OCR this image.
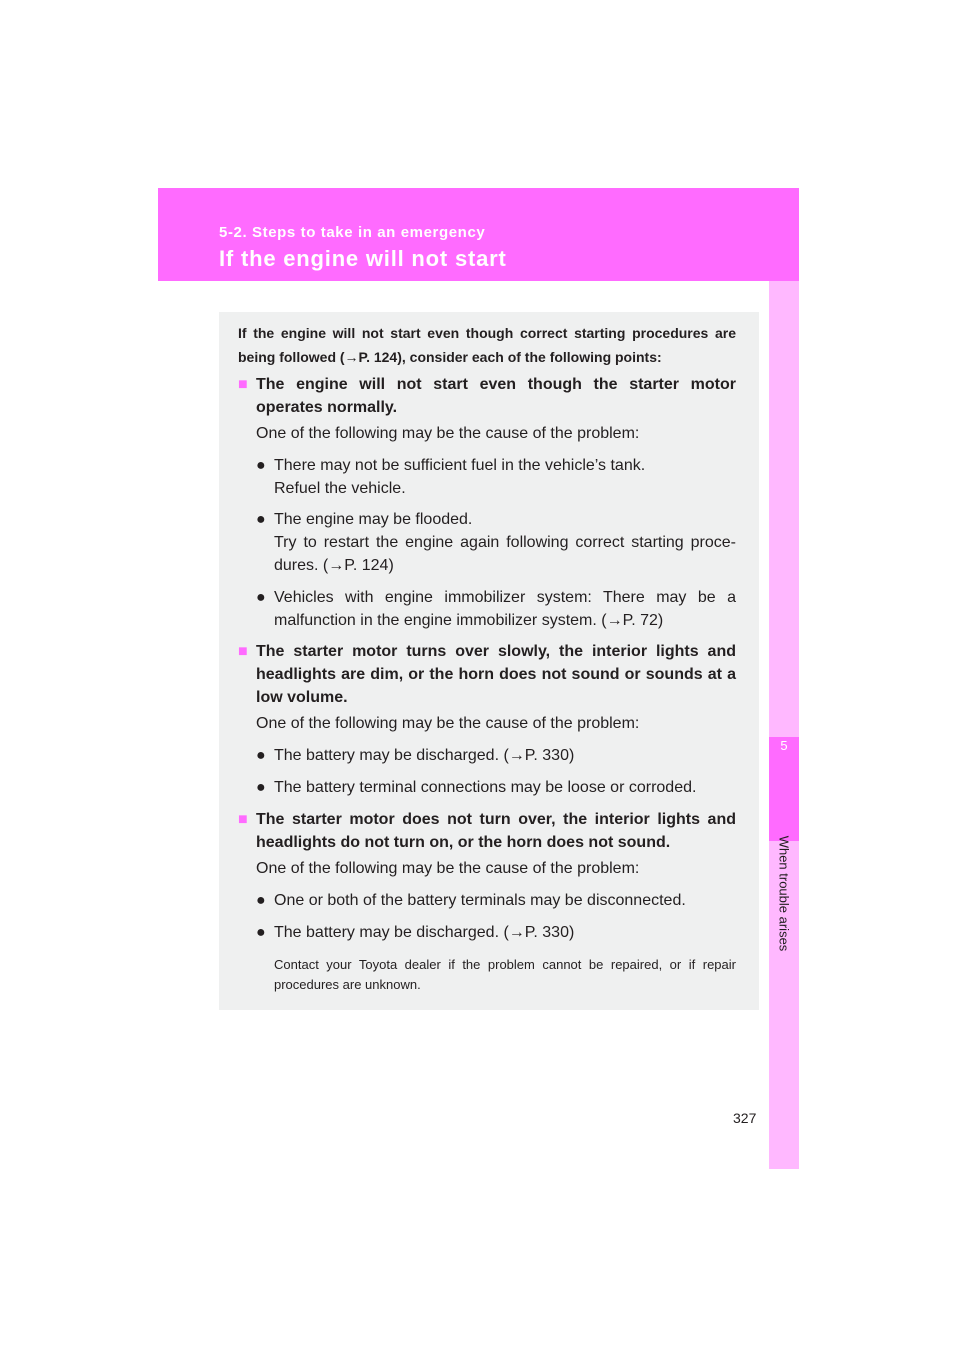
5-2. Steps to take in an emergency
If the engine will not start
5
When trouble arises
If the engine will not start even though correct starting procedures are being followed (→P. 124), consider each of the following points:
■ The engine will not start even though the starter motor operates normally.
One of the following may be the cause of the problem:
● There may not be sufficient fuel in the vehicle’s tank.
Refuel the vehicle.
● The engine may be flooded.
Try to restart the engine again following correct starting proce-dures. (→P. 124)
● Vehicles with engine immobilizer system: There may be a malfunction in the engine immobilizer system. (→P. 72)
■ The starter motor turns over slowly, the interior lights and headlights are dim, or the horn does not sound or sounds at a low volume.
One of the following may be the cause of the problem:
● The battery may be discharged. (→P. 330)
● The battery terminal connections may be loose or corroded.
■ The starter motor does not turn over, the interior lights and headlights do not turn on, or the horn does not sound.
One of the following may be the cause of the problem:
● One or both of the battery terminals may be disconnected.
● The battery may be discharged. (→P. 330)
Contact your Toyota dealer if the problem cannot be repaired, or if repair procedures are unknown.
327
